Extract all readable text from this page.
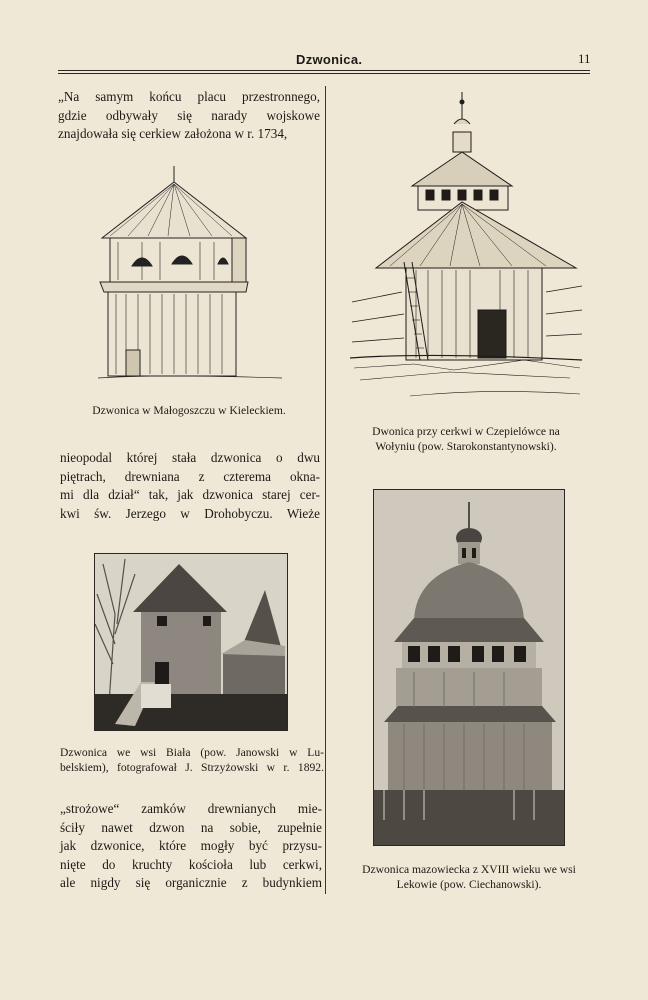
Dzwonica.	11
„Na samym końcu placu przestronnego,
gdzie odbywały się narady wojskowe
znajdowała się cerkiew założona w r. 1734,
Dzwonica w Małogoszczu w Kieleckiem.
Dwonica przy cerkwi w Czepielówce na
Wołyniu (pow. Starokonstantynowski).
nieopodal której stała dzwonica o dwu
piętrach, drewniana z czterema okna-
mi dla dział“ tak, jak dzwonica starej cer-
kwi św. Jerzego w Drohobyczu. Wieże
Dzwonica we wsi Biała (pow. Janowski w Lu-
belskiem), fotografował J. Strzyżowski w r. 1892.
Dzwonica mazowiecka z XVIII wieku we wsi
Lekowie (pow. Ciechanowski).
„strożowe“ zamków drewnianych mie-
ściły nawet dzwon na sobie, zupełnie
jak dzwonice, które mogły być przysu-
nięte do kruchty kościoła lub cerkwi,
ale nigdy się organicznie z budynkiem
